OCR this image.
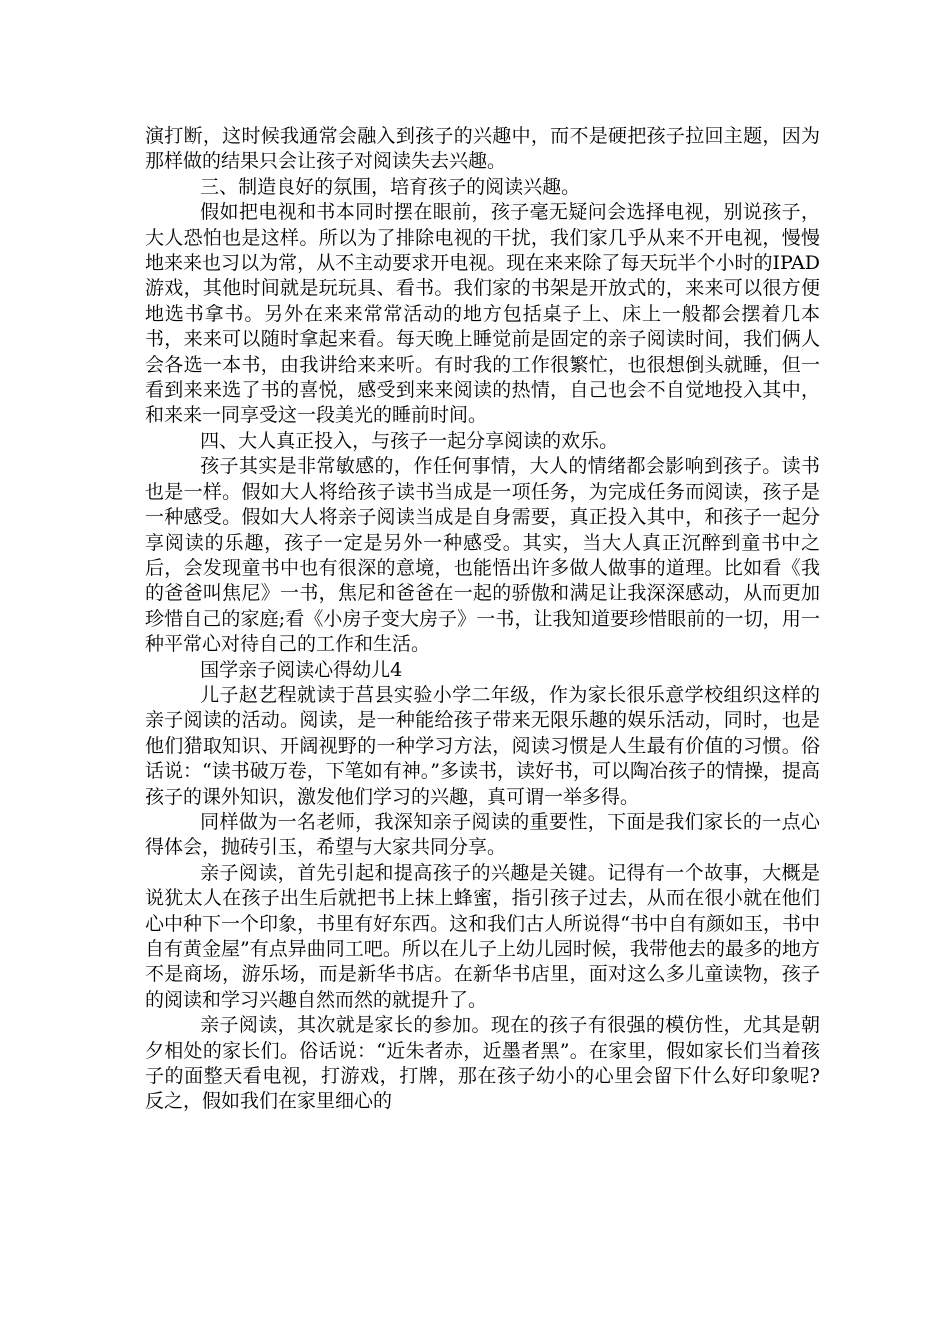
演打断，这时候我通常会融入到孩子的兴趣中，而不是硬把孩子拉回主题，因为那样做的结果只会让孩子对阅读失去兴趣。

三、制造良好的氛围，培育孩子的阅读兴趣。

假如把电视和书本同时摆在眼前，孩子毫无疑问会选择电视，别说孩子，大人恐怕也是这样。所以为了排除电视的干扰，我们家几乎从来不开电视，慢慢地来来也习以为常，从不主动要求开电视。现在来来除了每天玩半个小时的IPAD游戏，其他时间就是玩玩具、看书。我们家的书架是开放式的，来来可以很方便地选书拿书。另外在来来常常活动的地方包括桌子上、床上一般都会摆着几本书，来来可以随时拿起来看。每天晚上睡觉前是固定的亲子阅读时间，我们俩人会各选一本书，由我讲给来来听。有时我的工作很繁忙，也很想倒头就睡，但一看到来来选了书的喜悦，感受到来来阅读的热情，自己也会不自觉地投入其中，和来来一同享受这一段美光的睡前时间。

四、大人真正投入，与孩子一起分享阅读的欢乐。

孩子其实是非常敏感的，作任何事情，大人的情绪都会影响到孩子。读书也是一样。假如大人将给孩子读书当成是一项任务，为完成任务而阅读，孩子是一种感受。假如大人将亲子阅读当成是自身需要，真正投入其中，和孩子一起分享阅读的乐趣，孩子一定是另外一种感受。其实，当大人真正沉醉到童书中之后，会发现童书中也有很深的意境，也能悟出许多做人做事的道理。比如看《我的爸爸叫焦尼》一书，焦尼和爸爸在一起的骄傲和满足让我深深感动，从而更加珍惜自己的家庭;看《小房子变大房子》一书，让我知道要珍惜眼前的一切，用一种平常心对待自己的工作和生活。

国学亲子阅读心得幼儿4

儿子赵艺程就读于莒县实验小学二年级，作为家长很乐意学校组织这样的亲子阅读的活动。阅读，是一种能给孩子带来无限乐趣的娱乐活动，同时，也是他们猎取知识、开阔视野的一种学习方法，阅读习惯是人生最有价值的习惯。俗话说：“读书破万卷，下笔如有神。”多读书，读好书，可以陶冶孩子的情操，提高孩子的课外知识，激发他们学习的兴趣，真可谓一举多得。

同样做为一名老师，我深知亲子阅读的重要性，下面是我们家长的一点心得体会，抛砖引玉，希望与大家共同分享。

亲子阅读，首先引起和提高孩子的兴趣是关键。记得有一个故事，大概是说犹太人在孩子出生后就把书上抹上蜂蜜，指引孩子过去，从而在很小就在他们心中种下一个印象，书里有好东西。这和我们古人所说得“书中自有颜如玉，书中自有黄金屋”有点异曲同工吧。所以在儿子上幼儿园时候，我带他去的最多的地方不是商场，游乐场，而是新华书店。在新华书店里，面对这么多儿童读物，孩子的阅读和学习兴趣自然而然的就提升了。

亲子阅读，其次就是家长的参加。现在的孩子有很强的模仿性，尤其是朝夕相处的家长们。俗话说：“近朱者赤，近墨者黑”。在家里，假如家长们当着孩子的面整天看电视，打游戏，打牌，那在孩子幼小的心里会留下什么好印象呢?反之，假如我们在家里细心的
